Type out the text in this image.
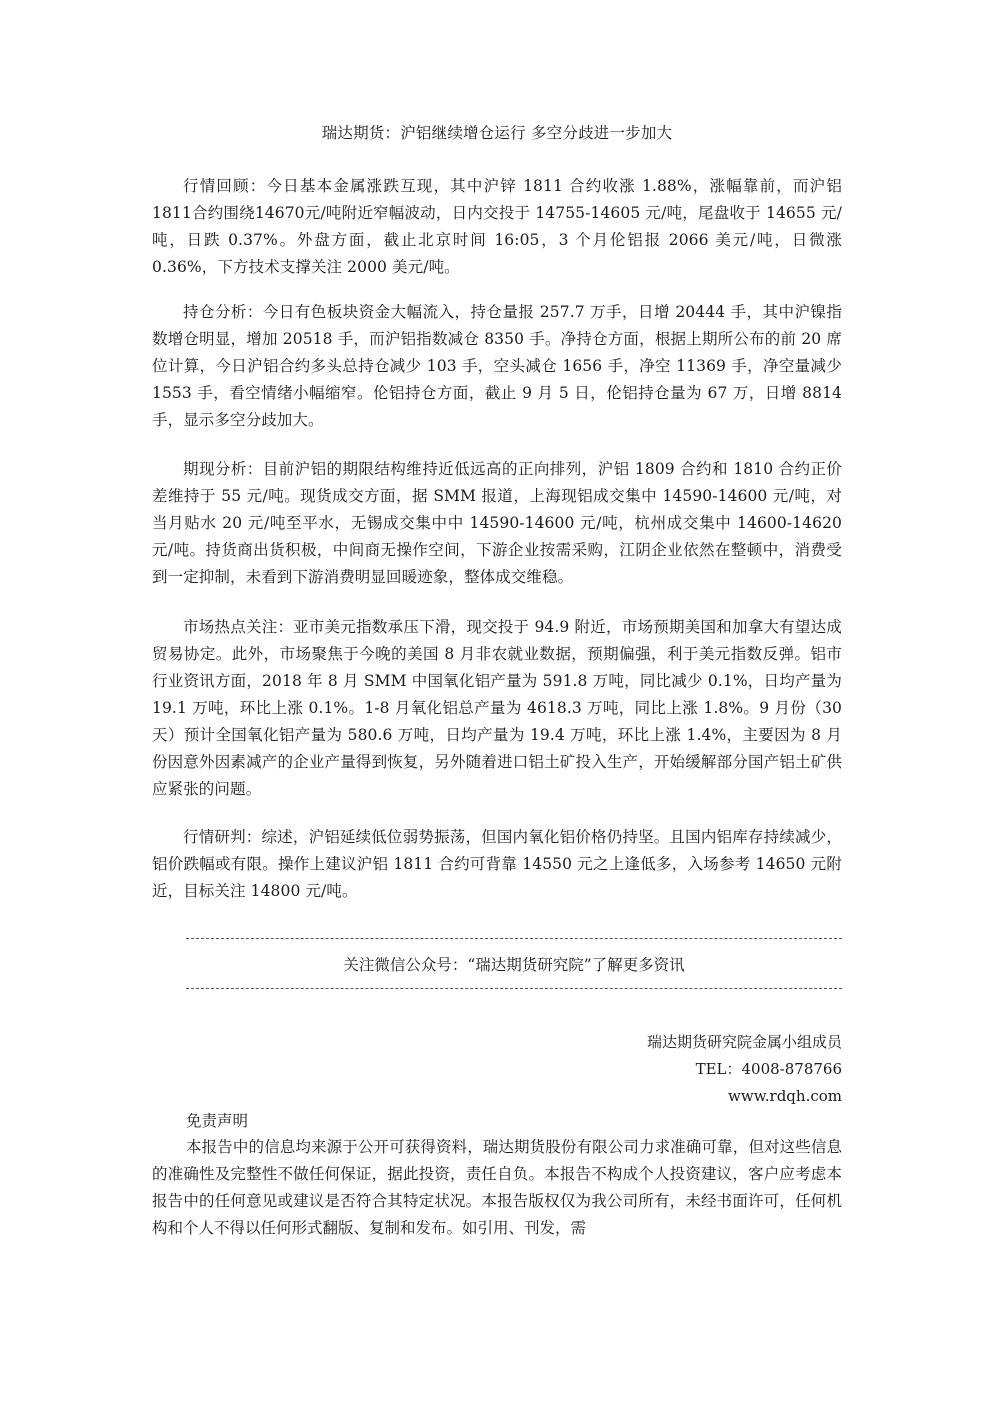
瑞达期货：沪铝继续增仓运行 多空分歧进一步加大

行情回顾：今日基本金属涨跌互现，其中沪锌 1811 合约收涨 1.88%，涨幅靠前，而沪铝1811合约围绕14670元/吨附近窄幅波动，日内交投于 14755-14605 元/吨，尾盘收于 14655 元/吨，日跌 0.37%。外盘方面，截止北京时间 16:05，3 个月伦铝报 2066 美元/吨，日微涨 0.36%，下方技术支撑关注 2000 美元/吨。

持仓分析：今日有色板块资金大幅流入，持仓量报 257.7 万手，日增 20444 手，其中沪镍指数增仓明显，增加 20518 手，而沪铝指数减仓 8350 手。净持仓方面，根据上期所公布的前 20 席位计算，今日沪铝合约多头总持仓减少 103 手，空头减仓 1656 手，净空 11369 手，净空量减少 1553 手，看空情绪小幅缩窄。伦铝持仓方面，截止 9 月 5 日，伦铝持仓量为 67 万，日增 8814 手，显示多空分歧加大。

期现分析：目前沪铝的期限结构维持近低远高的正向排列，沪铝 1809 合约和 1810 合约正价差维持于 55 元/吨。现货成交方面，据 SMM 报道，上海现铝成交集中 14590-14600 元/吨，对当月贴水 20 元/吨至平水，无锡成交集中中 14590-14600 元/吨，杭州成交集中 14600-14620 元/吨。持货商出货积极，中间商无操作空间，下游企业按需采购，江阴企业依然在整顿中，消费受到一定抑制，未看到下游消费明显回暖迹象，整体成交维稳。

市场热点关注：亚市美元指数承压下滑，现交投于 94.9 附近，市场预期美国和加拿大有望达成贸易协定。此外，市场聚焦于今晚的美国 8 月非农就业数据，预期偏强，利于美元指数反弹。铝市行业资讯方面，2018 年 8 月 SMM 中国氧化铝产量为 591.8 万吨，同比减少 0.1%，日均产量为 19.1 万吨，环比上涨 0.1%。1-8 月氧化铝总产量为 4618.3 万吨，同比上涨 1.8%。9 月份（30 天）预计全国氧化铝产量为 580.6 万吨，日均产量为 19.4 万吨，环比上涨 1.4%，主要因为 8 月份因意外因素减产的企业产量得到恢复，另外随着进口铝土矿投入生产，开始缓解部分国产铝土矿供应紧张的问题。

行情研判：综述，沪铝延续低位弱势振荡，但国内氧化铝价格仍持坚。且国内铝库存持续减少，铝价跌幅或有限。操作上建议沪铝 1811 合约可背靠 14550 元之上逢低多，入场参考 14650 元附近，目标关注 14800 元/吨。

关注微信公众号：“瑞达期货研究院”了解更多资讯
瑞达期货研究院金属小组成员
TEL：4008-878766
www.rdqh.com
免责声明

本报告中的信息均来源于公开可获得资料，瑞达期货股份有限公司力求准确可靠，但对这些信息的准确性及完整性不做任何保证，据此投资，责任自负。本报告不构成个人投资建议，客户应考虑本报告中的任何意见或建议是否符合其特定状况。本报告版权仅为我公司所有，未经书面许可，任何机构和个人不得以任何形式翻版、复制和发布。如引用、刊发，需
